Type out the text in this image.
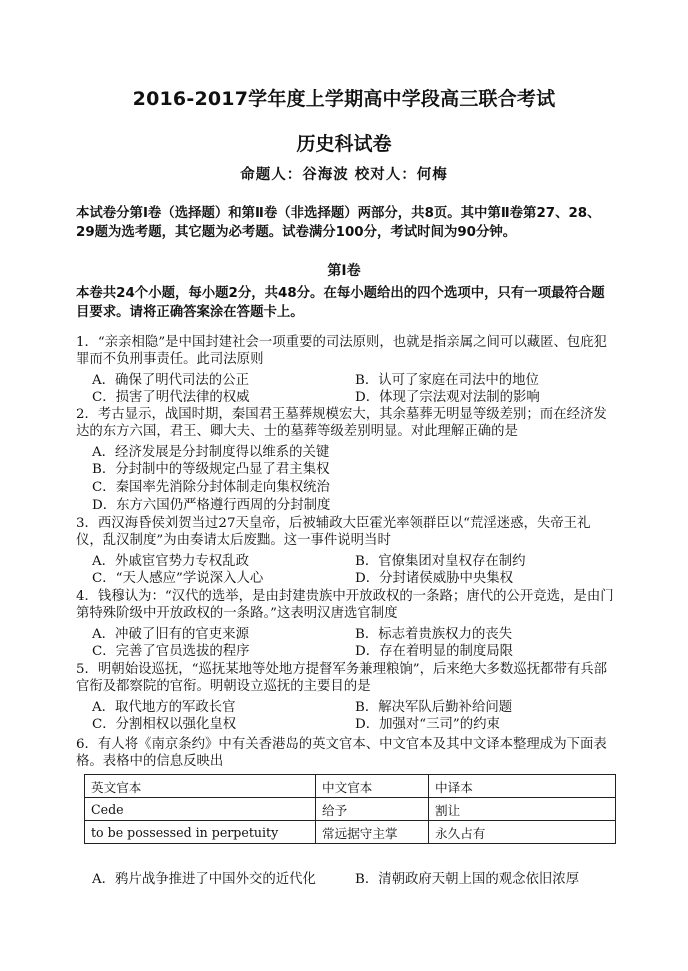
2016-2017学年度上学期高中学段高三联合考试
历史科试卷
命题人：谷海波 校对人：何梅
本试卷分第Ⅰ卷（选择题）和第Ⅱ卷（非选择题）两部分，共8页。其中第Ⅱ卷第27、28、29题为选考题，其它题为必考题。试卷满分100分，考试时间为90分钟。
第Ⅰ卷
本卷共24个小题，每小题2分，共48分。在每小题给出的四个选项中，只有一项最符合题目要求。请将正确答案涂在答题卡上。
1．“亲亲相隐”是中国封建社会一项重要的司法原则，也就是指亲属之间可以藏匿、包庇犯罪而不负刑事责任。此司法原则
A．确保了明代司法的公正	B．认可了家庭在司法中的地位
C．损害了明代法律的权威	D．体现了宗法观对法制的影响
2．考古显示，战国时期，秦国君王墓葬规模宏大，其余墓葬无明显等级差别；而在经济发达的东方六国，君王、卿大夫、士的墓葬等级差别明显。对此理解正确的是
A．经济发展是分封制度得以维系的关键
B．分封制中的等级规定凸显了君主集权
C．秦国率先消除分封体制走向集权统治
D．东方六国仍严格遵行西周的分封制度
3．西汉海昏侯刘贺当过27天皇帝，后被辅政大臣霍光率领群臣以“荒淫迷惑，失帝王礼仪，乱汉制度”为由奏请太后废黜。这一事件说明当时
A．外戚宦官势力专权乱政	B．官僚集团对皇权存在制约
C．“天人感应”学说深入人心	D．分封诸侯威胁中央集权
4．钱穆认为：“汉代的选举，是由封建贵族中开放政权的一条路；唐代的公开竞选，是由门第特殊阶级中开放政权的一条路。”这表明汉唐选官制度
A．冲破了旧有的官吏来源	B．标志着贵族权力的丧失
C．完善了官员选拔的程序	D．存在着明显的制度局限
5．明朝始设巡抚，“巡抚某地等处地方提督军务兼理粮饷”，后来绝大多数巡抚都带有兵部官衔及都察院的官衔。明朝设立巡抚的主要目的是
A．取代地方的军政长官	B．解决军队后勤补给问题
C．分割相权以强化皇权	D．加强对“三司”的约束
6．有人将《南京条约》中有关香港岛的英文官本、中文官本及其中文译本整理成为下面表格。表格中的信息反映出
英文官本	中文官本	中译本
Cede	给予	割让
to be possessed in perpetuity	常远据守主掌	永久占有
A．鸦片战争推进了中国外交的近代化	B．清朝政府天朝上国的观念依旧浓厚
